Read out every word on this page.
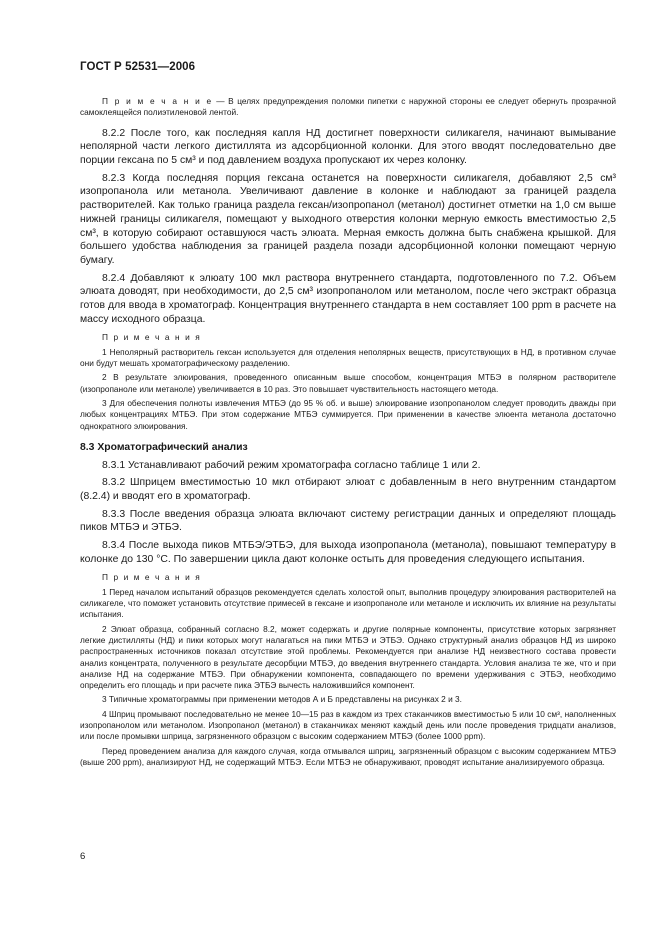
ГОСТ Р 52531—2006

П р и м е ч а н и е — В целях предупреждения поломки пипетки с наружной стороны ее следует обернуть прозрачной самоклеящейся полиэтиленовой лентой.

8.2.2 После того, как последняя капля НД достигнет поверхности силикагеля, начинают вымывание неполярной части легкого дистиллята из адсорбционной колонки. Для этого вводят последовательно две порции гексана по 5 см³ и под давлением воздуха пропускают их через колонку.

8.2.3 Когда последняя порция гексана останется на поверхности силикагеля, добавляют 2,5 см³ изопропанола или метанола. Увеличивают давление в колонке и наблюдают за границей раздела растворителей. Как только граница раздела гексан/изопропанол (метанол) достигнет отметки на 1,0 см выше нижней границы силикагеля, помещают у выходного отверстия колонки мерную емкость вместимостью 2,5 см³, в которую собирают оставшуюся часть элюата. Мерная емкость должна быть снабжена крышкой. Для большего удобства наблюдения за границей раздела позади адсорбционной колонки помещают черную бумагу.

8.2.4 Добавляют к элюату 100 мкл раствора внутреннего стандарта, подготовленного по 7.2. Объем элюата доводят, при необходимости, до 2,5 см³ изопропанолом или метанолом, после чего экстракт образца готов для ввода в хроматограф. Концентрация внутреннего стандарта в нем составляет 100 ppm в расчете на массу исходного образца.

П р и м е ч а н и я

1 Неполярный растворитель гексан используется для отделения неполярных веществ, присутствующих в НД, в противном случае они будут мешать хроматографическому разделению.

2 В результате элюирования, проведенного описанным выше способом, концентрация МТБЭ в полярном растворителе (изопропаноле или метаноле) увеличивается в 10 раз. Это повышает чувствительность настоящего метода.

3 Для обеспечения полноты извлечения МТБЭ (до 95 % об. и выше) элюирование изопропанолом следует проводить дважды при любых концентрациях МТБЭ. При этом содержание МТБЭ суммируется. При применении в качестве элюента метанола достаточно однократного элюирования.

8.3 Хроматографический анализ

8.3.1 Устанавливают рабочий режим хроматографа согласно таблице 1 или 2.

8.3.2 Шприцем вместимостью 10 мкл отбирают элюат с добавленным в него внутренним стандартом (8.2.4) и вводят его в хроматограф.

8.3.3 После введения образца элюата включают систему регистрации данных и определяют площадь пиков МТБЭ и ЭТБЭ.

8.3.4 После выхода пиков МТБЭ/ЭТБЭ, для выхода изопропанола (метанола), повышают температуру в колонке до 130 °С. По завершении цикла дают колонке остыть для проведения следующего испытания.

П р и м е ч а н и я

1 Перед началом испытаний образцов рекомендуется сделать холостой опыт, выполнив процедуру элюирования растворителей на силикагеле, что поможет установить отсутствие примесей в гексане и изопропаноле или метаноле и исключить их влияние на результаты испытания.

2 Элюат образца, собранный согласно 8.2, может содержать и другие полярные компоненты, присутствие которых загрязняет легкие дистилляты (НД) и пики которых могут налагаться на пики МТБЭ и ЭТБЭ. Однако структурный анализ образцов НД из широко распространенных источников показал отсутствие этой проблемы. Рекомендуется при анализе НД неизвестного состава провести анализ концентрата, полученного в результате десорбции МТБЭ, до введения внутреннего стандарта. Условия анализа те же, что и при анализе НД на содержание МТБЭ. При обнаружении компонента, совпадающего по времени удерживания с ЭТБЭ, необходимо определить его площадь и при расчете пика ЭТБЭ вычесть наложившийся компонент.

3 Типичные хроматограммы при применении методов А и Б представлены на рисунках 2 и 3.

4 Шприц промывают последовательно не менее 10—15 раз в каждом из трех стаканчиков вместимостью 5 или 10 см³, наполненных изопропанолом или метанолом. Изопропанол (метанол) в стаканчиках меняют каждый день или после проведения тридцати анализов, или после промывки шприца, загрязненного образцом с высоким содержанием МТБЭ (более 1000 ppm).

Перед проведением анализа для каждого случая, когда отмывался шприц, загрязненный образцом с высоким содержанием МТБЭ (выше 200 ppm), анализируют НД, не содержащий МТБЭ. Если МТБЭ не обнаруживают, проводят испытание анализируемого образца.

6
